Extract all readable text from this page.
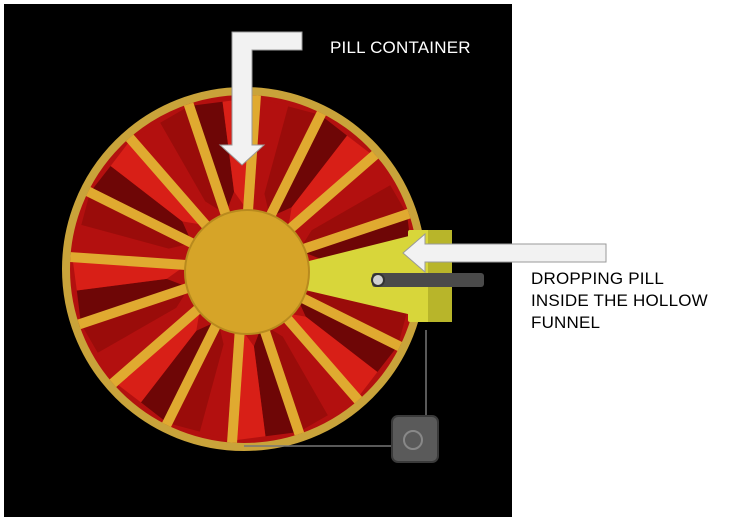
PILL CONTAINER
DROPPING PILL
INSIDE THE HOLLOW
FUNNEL
